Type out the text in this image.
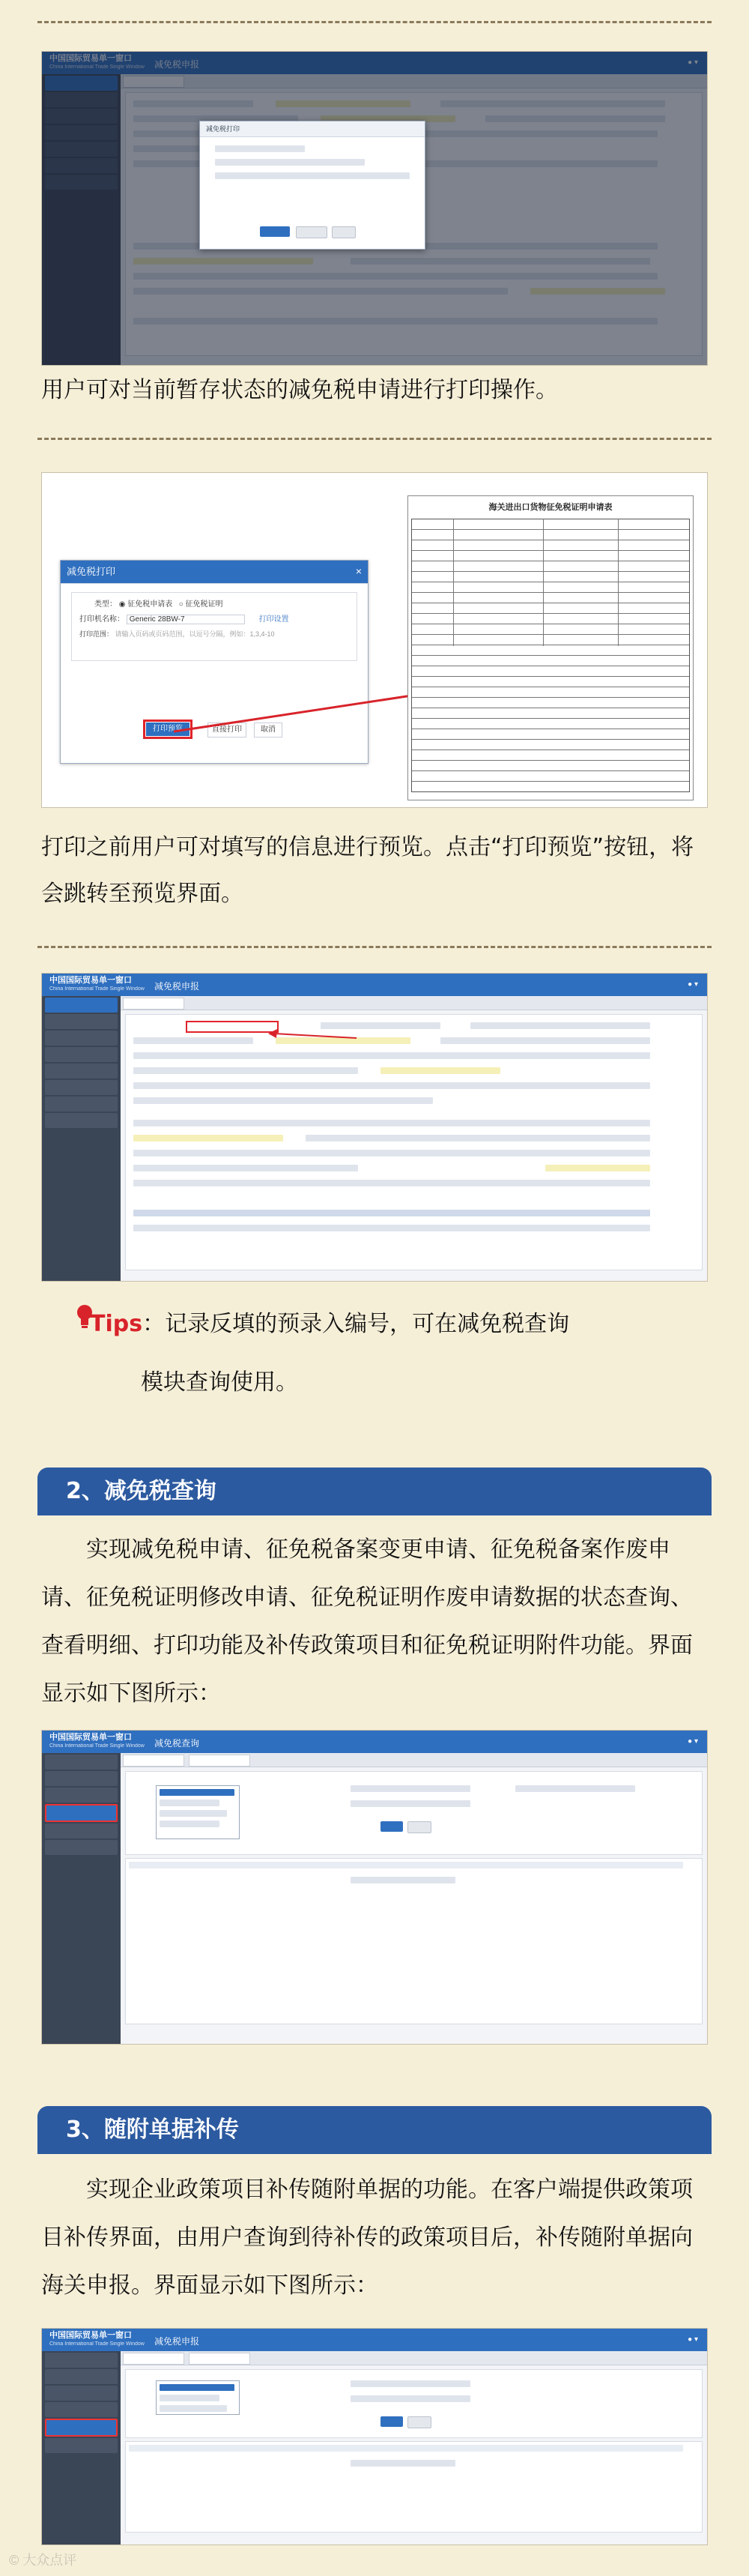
减免税打印
用户可对当前暂存状态的减免税申请进行打印操作。
减免税打印	×
类型： ◉ 征免税申请表 ○ 征免税证明
打印机名称： Generic 28BW-7	打印设置
打印范围： 请输入页码或页码范围，以逗号分隔，例如：1,3,4-10
打印预览	直接打印	取消
海关进出口货物征免税证明申请表
打印之前用户可对填写的信息进行预览。点击“打印预览”按钮，将会跳转至预览界面。
中国国际贸易单一窗口
China International Trade Single Window 减免税申报	● ▾
Tips：记录反填的预录入编号，可在减免税查询
模块查询使用。
2、减免税查询
实现减免税申请、征免税备案变更申请、征免税备案作废申请、征免税证明修改申请、征免税证明作废申请数据的状态查询、查看明细、打印功能及补传政策项目和征免税证明附件功能。界面显示如下图所示：
中国国际贸易单一窗口
China International Trade Single Window 减免税查询	● ▾
3、随附单据补传
实现企业政策项目补传随附单据的功能。在客户端提供政策项目补传界面，由用户查询到待补传的政策项目后，补传随附单据向海关申报。界面显示如下图所示：
中国国际贸易单一窗口
China International Trade Single Window 减免税申报	● ▾
© 大众点评
